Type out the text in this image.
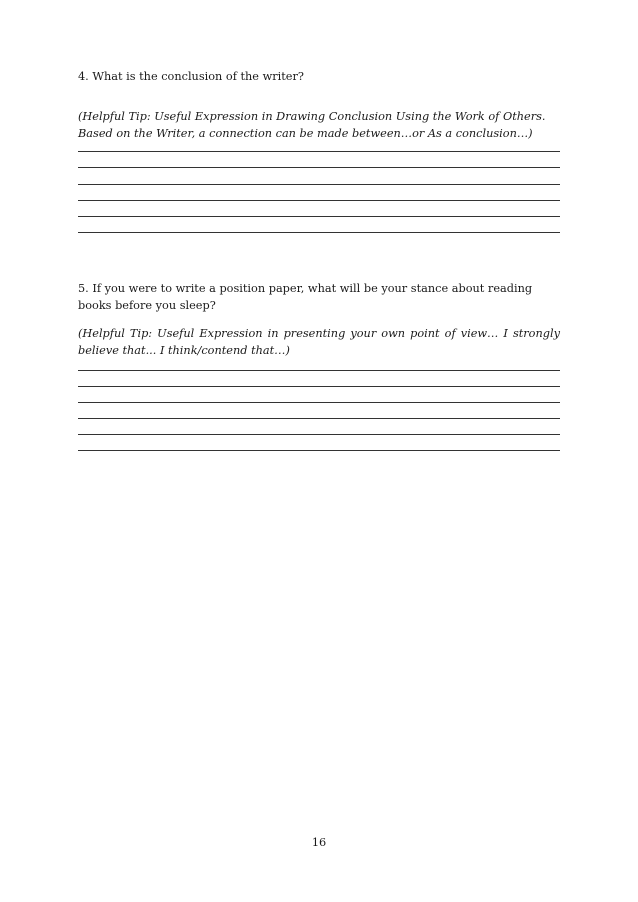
4. What is the conclusion of the writer?

(Helpful Tip: Useful Expression in Drawing Conclusion Using the Work of Others. Based on the Writer, a connection can be made between…or As a conclusion…)

5. If you were to write a position paper, what will be your stance about reading books before you sleep?

(Helpful Tip: Useful Expression in presenting your own point of view… I strongly believe that... I think/contend that…)

16
